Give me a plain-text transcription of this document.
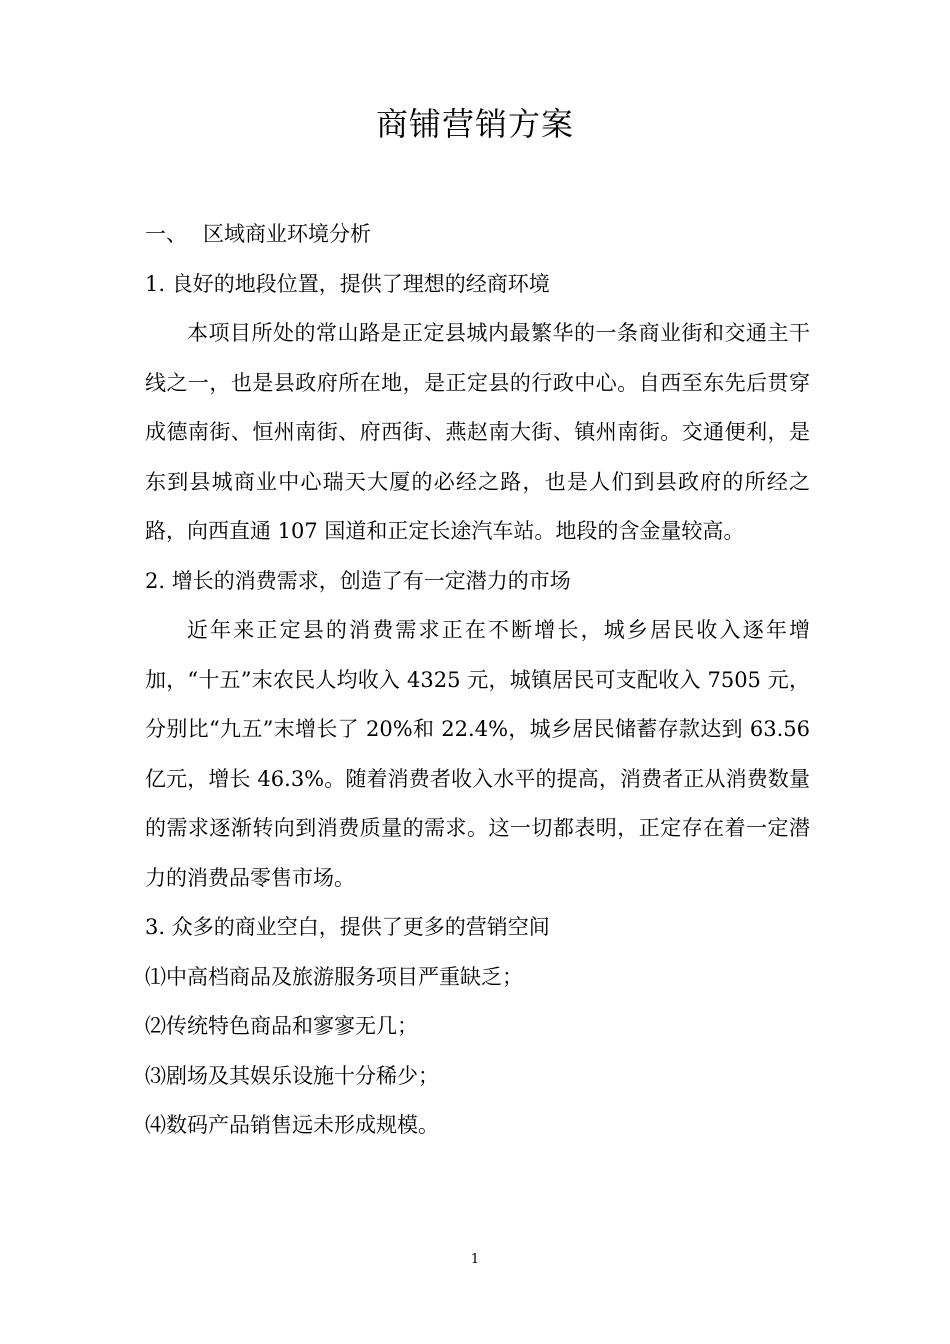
商铺营销方案
一、 区域商业环境分析
1. 良好的地段位置，提供了理想的经商环境

本项目所处的常山路是正定县城内最繁华的一条商业街和交通主干线之一，也是县政府所在地，是正定县的行政中心。自西至东先后贯穿成德南街、恒州南街、府西街、燕赵南大街、镇州南街。交通便利，是东到县城商业中心瑞天大厦的必经之路，也是人们到县政府的所经之路，向西直通 107 国道和正定长途汽车站。地段的含金量较高。

2. 增长的消费需求，创造了有一定潜力的市场

近年来正定县的消费需求正在不断增长，城乡居民收入逐年增加，“十五”末农民人均收入 4325 元，城镇居民可支配收入 7505 元，分别比“九五”末增长了 20%和 22.4%，城乡居民储蓄存款达到 63.56 亿元，增长 46.3%。随着消费者收入水平的提高，消费者正从消费数量的需求逐渐转向到消费质量的需求。这一切都表明，正定存在着一定潜力的消费品零售市场。

3. 众多的商业空白，提供了更多的营销空间
⑴中高档商品及旅游服务项目严重缺乏；
⑵传统特色商品和寥寥无几；
⑶剧场及其娱乐设施十分稀少；
⑷数码产品销售远未形成规模。
1
